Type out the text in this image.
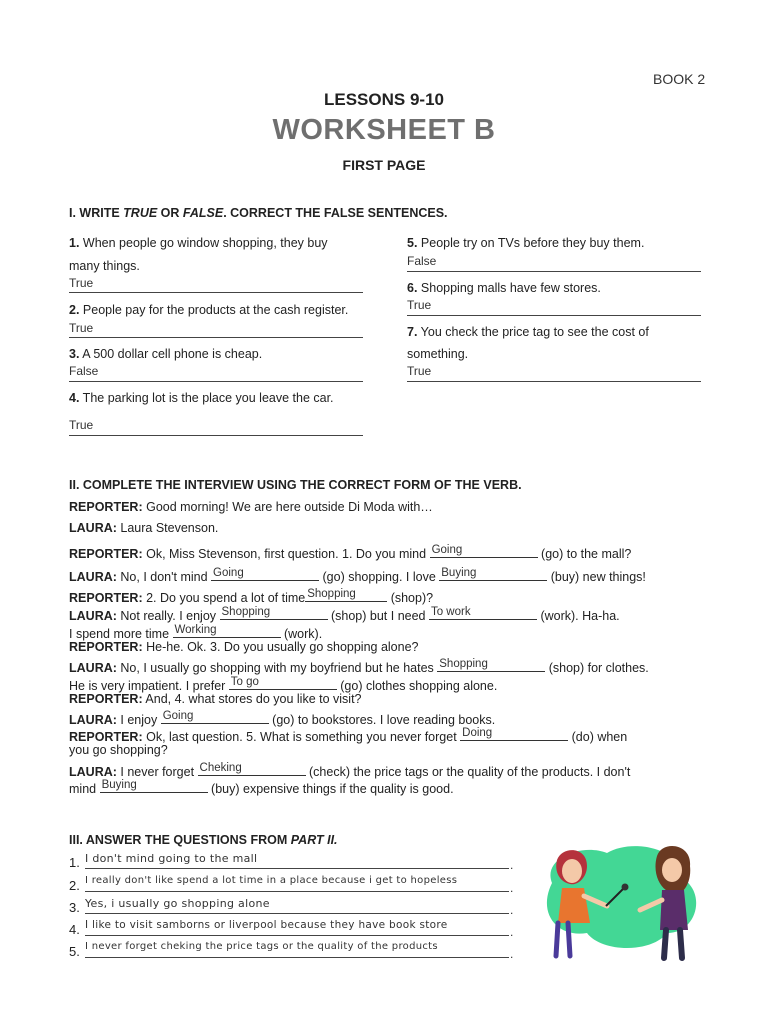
BOOK 2
LESSONS 9-10
WORKSHEET B
FIRST PAGE
I. WRITE TRUE OR FALSE. CORRECT THE FALSE SENTENCES.
1. When people go window shopping, they buy
many things.
True
2. People pay for the products at the cash register.
True
3. A 500 dollar cell phone is cheap.
False
4. The parking lot is the place you leave the car.
True
5. People try on TVs before they buy them.
False
6. Shopping malls have few stores.
True
7. You check the price tag to see the cost of
something.
True
II. COMPLETE THE INTERVIEW USING THE CORRECT FORM OF THE VERB.
REPORTER: Good morning! We are here outside Di Moda with…
LAURA: Laura Stevenson.
REPORTER: Ok, Miss Stevenson, first question. 1. Do you mind Going	(go) to the mall?
LAURA: No, I don't mind Going	(go) shopping. I love Buying	(buy) new things!
REPORTER: 2. Do you spend a lot of time Shopping	(shop)?
LAURA: Not really. I enjoy Shopping	(shop) but I need To work	(work). Ha-ha.
I spend more time Working	(work).
REPORTER: He-he. Ok. 3. Do you usually go shopping alone?
LAURA: No, I usually go shopping with my boyfriend but he hates Shopping	(shop) for clothes.
He is very impatient. I prefer To go	(go) clothes shopping alone.
REPORTER: And, 4. what stores do you like to visit?
LAURA: I enjoy Going	(go) to bookstores. I love reading books.
REPORTER: Ok, last question. 5. What is something you never forget Doing	(do) when
you go shopping?
LAURA: I never forget Cheking	(check) the price tags or the quality of the products. I don't
mind Buying	(buy) expensive things if the quality is good.
III. ANSWER THE QUESTIONS FROM PART II.
1. I don't mind going to the mall	.
2. I really don't like spend a lot time in a place because i get to hopeless
.
3. Yes, i usually go shopping alone	.
4. I like to visit samborns or liverpool because they have book store	.
5. I never forget cheking the price tags or the quality of the products
.
